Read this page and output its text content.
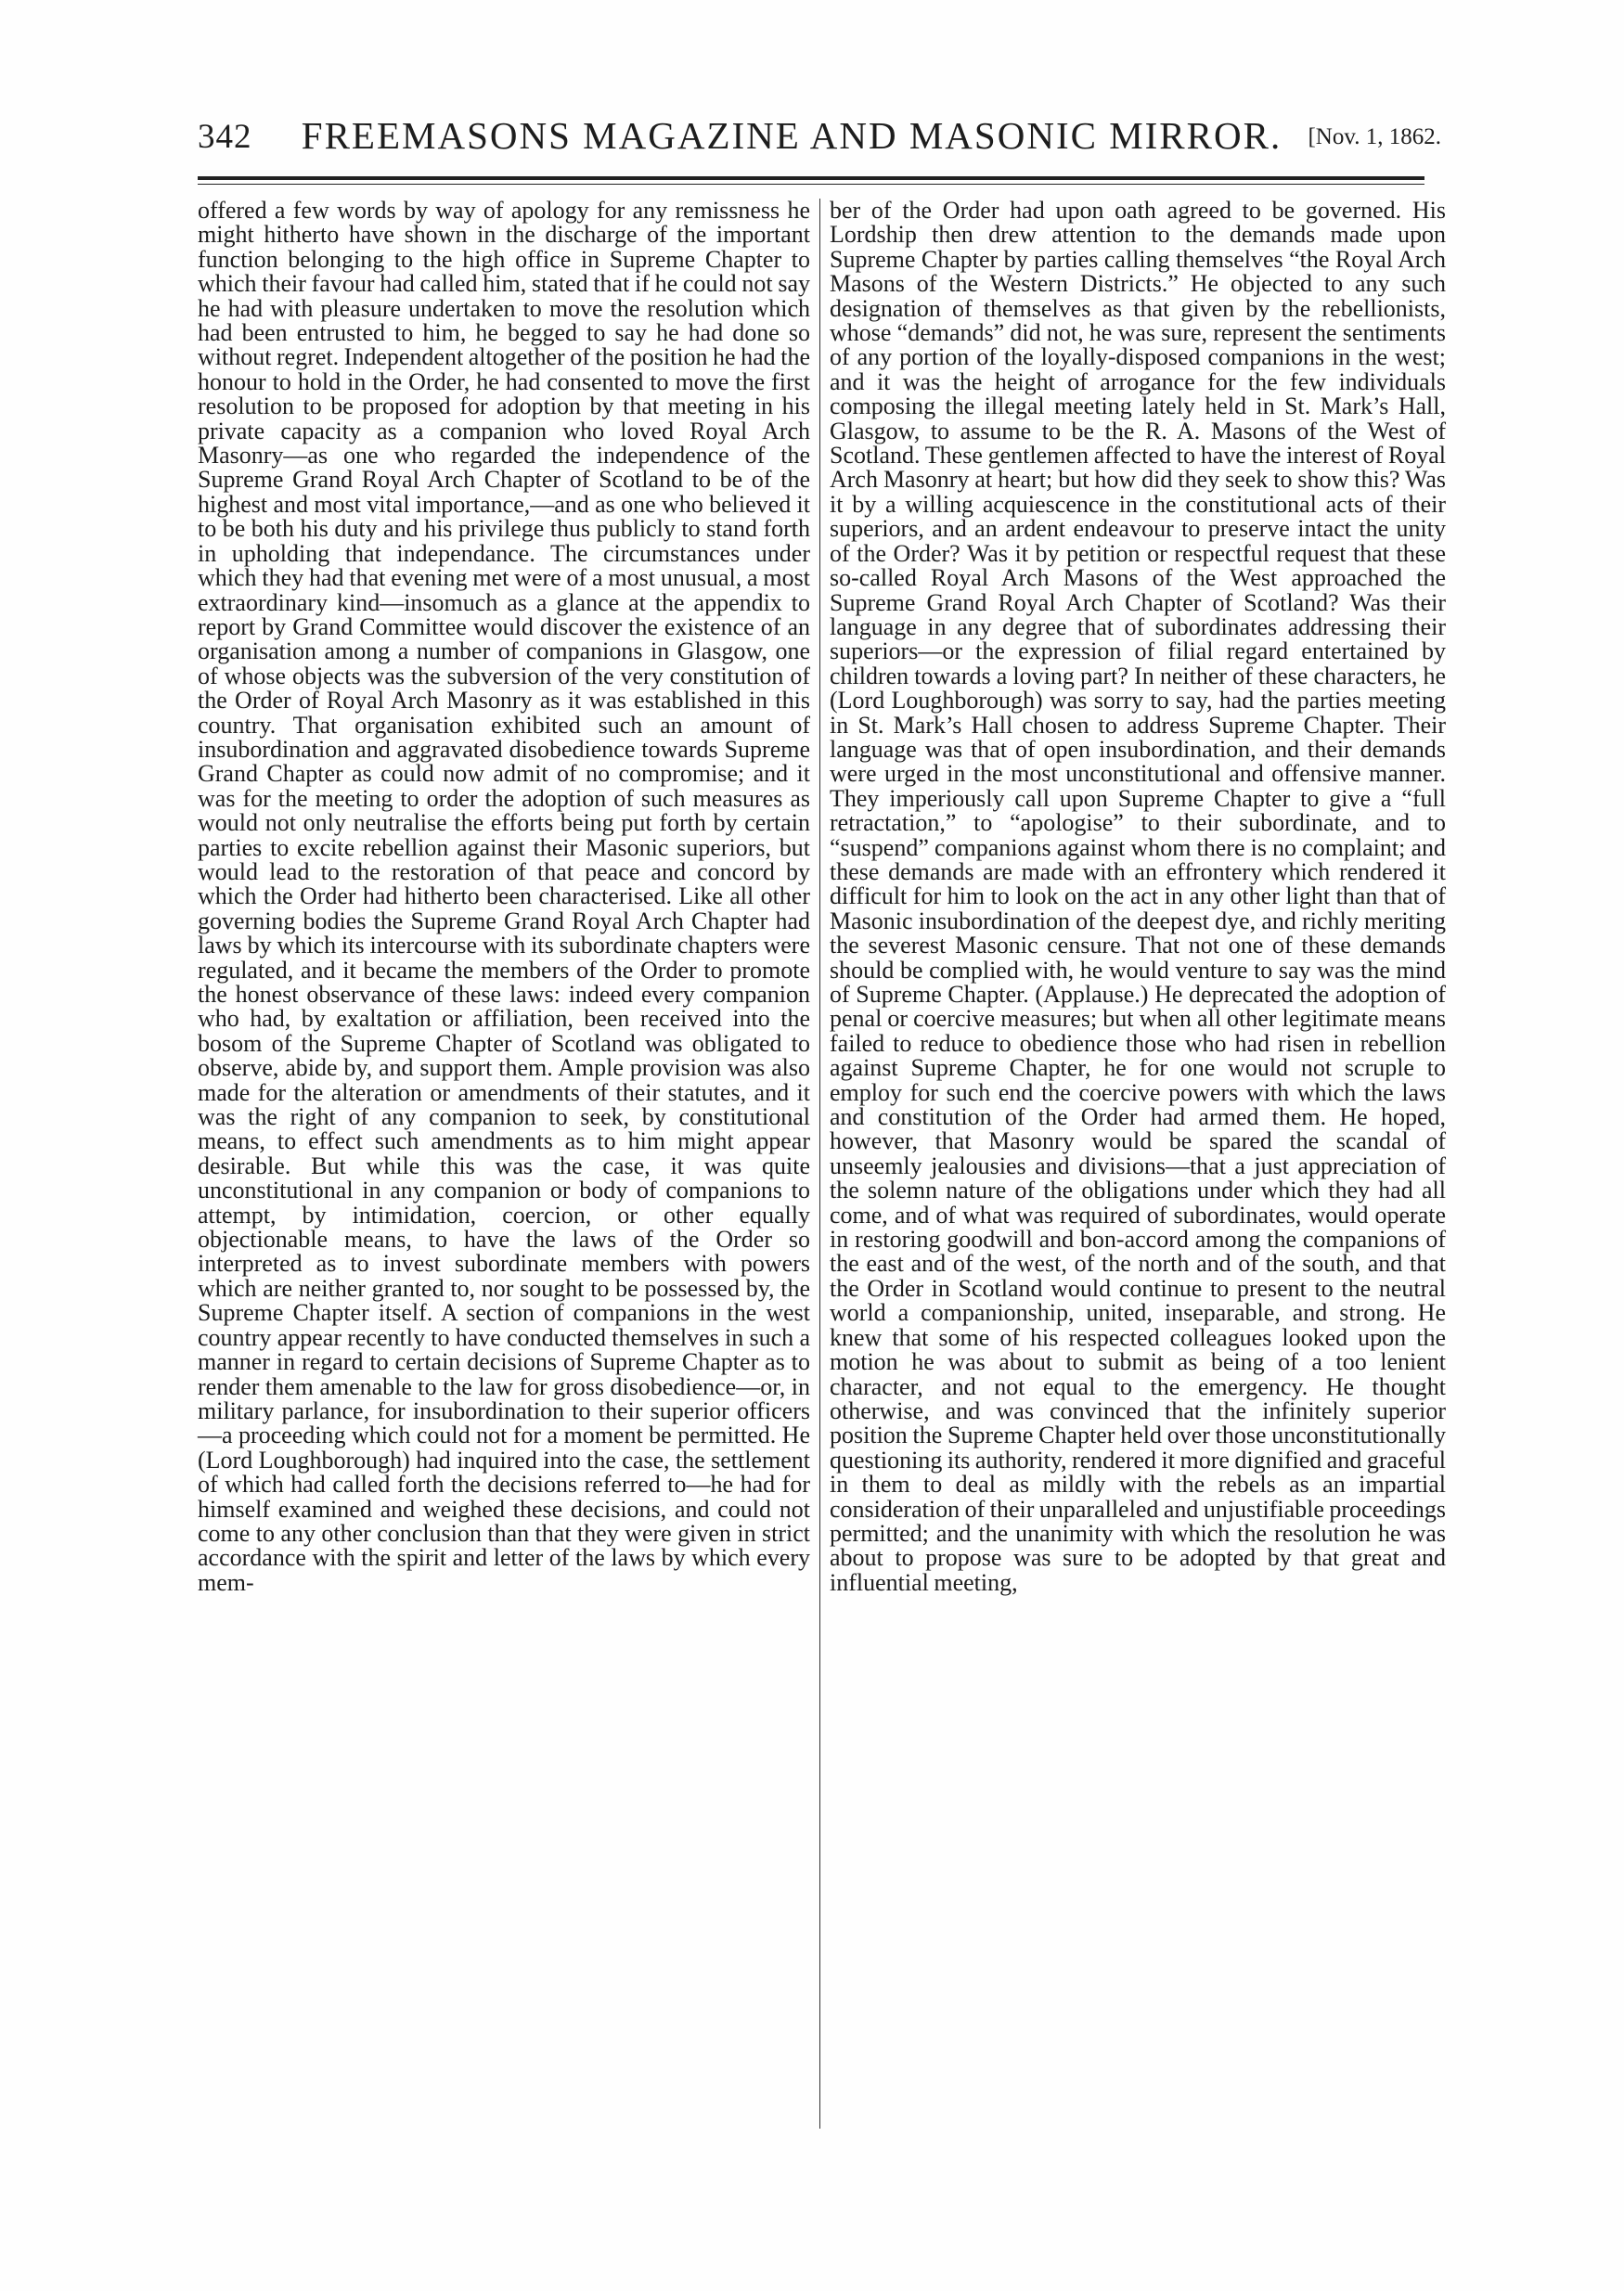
342 FREEMASONS MAGAZINE AND MASONIC MIRROR. [Nov. 1, 1862.

offered a few words by way of apology for any remissness he might hitherto have shown in the discharge of the important function belonging to the high office in Supreme Chapter to which their favour had called him, stated that if he could not say he had with pleasure undertaken to move the resolution which had been entrusted to him, he begged to say he had done so without regret. Independent altogether of the position he had the honour to hold in the Order, he had consented to move the first resolution to be proposed for adoption by that meeting in his private capacity as a companion who loved Royal Arch Masonry—as one who regarded the independence of the Supreme Grand Royal Arch Chapter of Scotland to be of the highest and most vital importance,—and as one who believed it to be both his duty and his privilege thus publicly to stand forth in upholding that independance. The circumstances under which they had that evening met were of a most unusual, a most extraordinary kind—insomuch as a glance at the appendix to report by Grand Committee would discover the existence of an organisation among a number of companions in Glasgow, one of whose objects was the subversion of the very constitution of the Order of Royal Arch Masonry as it was established in this country. That organisation exhibited such an amount of insubordination and aggravated disobedience towards Supreme Grand Chapter as could now admit of no compromise; and it was for the meeting to order the adoption of such measures as would not only neutralise the efforts being put forth by certain parties to excite rebellion against their Masonic superiors, but would lead to the restoration of that peace and concord by which the Order had hitherto been characterised. Like all other governing bodies the Supreme Grand Royal Arch Chapter had laws by which its intercourse with its subordinate chapters were regulated, and it became the members of the Order to promote the honest observance of these laws: indeed every companion who had, by exaltation or affiliation, been received into the bosom of the Supreme Chapter of Scotland was obligated to observe, abide by, and support them. Ample provision was also made for the alteration or amendments of their statutes, and it was the right of any companion to seek, by constitutional means, to effect such amendments as to him might appear desirable. But while this was the case, it was quite unconstitutional in any companion or body of companions to attempt, by intimidation, coercion, or other equally objectionable means, to have the laws of the Order so interpreted as to invest subordinate members with powers which are neither granted to, nor sought to be possessed by, the Supreme Chapter itself. A section of companions in the west country appear recently to have conducted themselves in such a manner in regard to certain decisions of Supreme Chapter as to render them amenable to the law for gross disobedience—or, in military parlance, for insubordination to their superior officers—a proceeding which could not for a moment be permitted. He (Lord Loughborough) had inquired into the case, the settlement of which had called forth the decisions referred to—he had for himself examined and weighed these decisions, and could not come to any other conclusion than that they were given in strict accordance with the spirit and letter of the laws by which every mem-

ber of the Order had upon oath agreed to be governed. His Lordship then drew attention to the demands made upon Supreme Chapter by parties calling themselves “the Royal Arch Masons of the Western Districts.” He objected to any such designation of themselves as that given by the rebellionists, whose “demands” did not, he was sure, represent the sentiments of any portion of the loyally-disposed companions in the west; and it was the height of arrogance for the few individuals composing the illegal meeting lately held in St. Mark’s Hall, Glasgow, to assume to be the R. A. Masons of the West of Scotland. These gentlemen affected to have the interest of Royal Arch Masonry at heart; but how did they seek to show this? Was it by a willing acquiescence in the constitutional acts of their superiors, and an ardent endeavour to preserve intact the unity of the Order? Was it by petition or respectful request that these so-called Royal Arch Masons of the West approached the Supreme Grand Royal Arch Chapter of Scotland? Was their language in any degree that of subordinates addressing their superiors—or the expression of filial regard entertained by children towards a loving part? In neither of these characters, he (Lord Loughborough) was sorry to say, had the parties meeting in St. Mark’s Hall chosen to address Supreme Chapter. Their language was that of open insubordination, and their demands were urged in the most unconstitutional and offensive manner. They imperiously call upon Supreme Chapter to give a “full retractation,” to “apologise” to their subordinate, and to “suspend” companions against whom there is no complaint; and these demands are made with an effrontery which rendered it difficult for him to look on the act in any other light than that of Masonic insubordination of the deepest dye, and richly meriting the severest Masonic censure. That not one of these demands should be complied with, he would venture to say was the mind of Supreme Chapter. (Applause.) He deprecated the adoption of penal or coercive measures; but when all other legitimate means failed to reduce to obedience those who had risen in rebellion against Supreme Chapter, he for one would not scruple to employ for such end the coercive powers with which the laws and constitution of the Order had armed them. He hoped, however, that Masonry would be spared the scandal of unseemly jealousies and divisions—that a just appreciation of the solemn nature of the obligations under which they had all come, and of what was required of subordinates, would operate in restoring goodwill and bon-accord among the companions of the east and of the west, of the north and of the south, and that the Order in Scotland would continue to present to the neutral world a companionship, united, inseparable, and strong. He knew that some of his respected colleagues looked upon the motion he was about to submit as being of a too lenient character, and not equal to the emergency. He thought otherwise, and was convinced that the infinitely superior position the Supreme Chapter held over those unconstitutionally questioning its authority, rendered it more dignified and graceful in them to deal as mildly with the rebels as an impartial consideration of their unparalleled and unjustifiable proceedings permitted; and the unanimity with which the resolution he was about to propose was sure to be adopted by that great and influential meeting,
